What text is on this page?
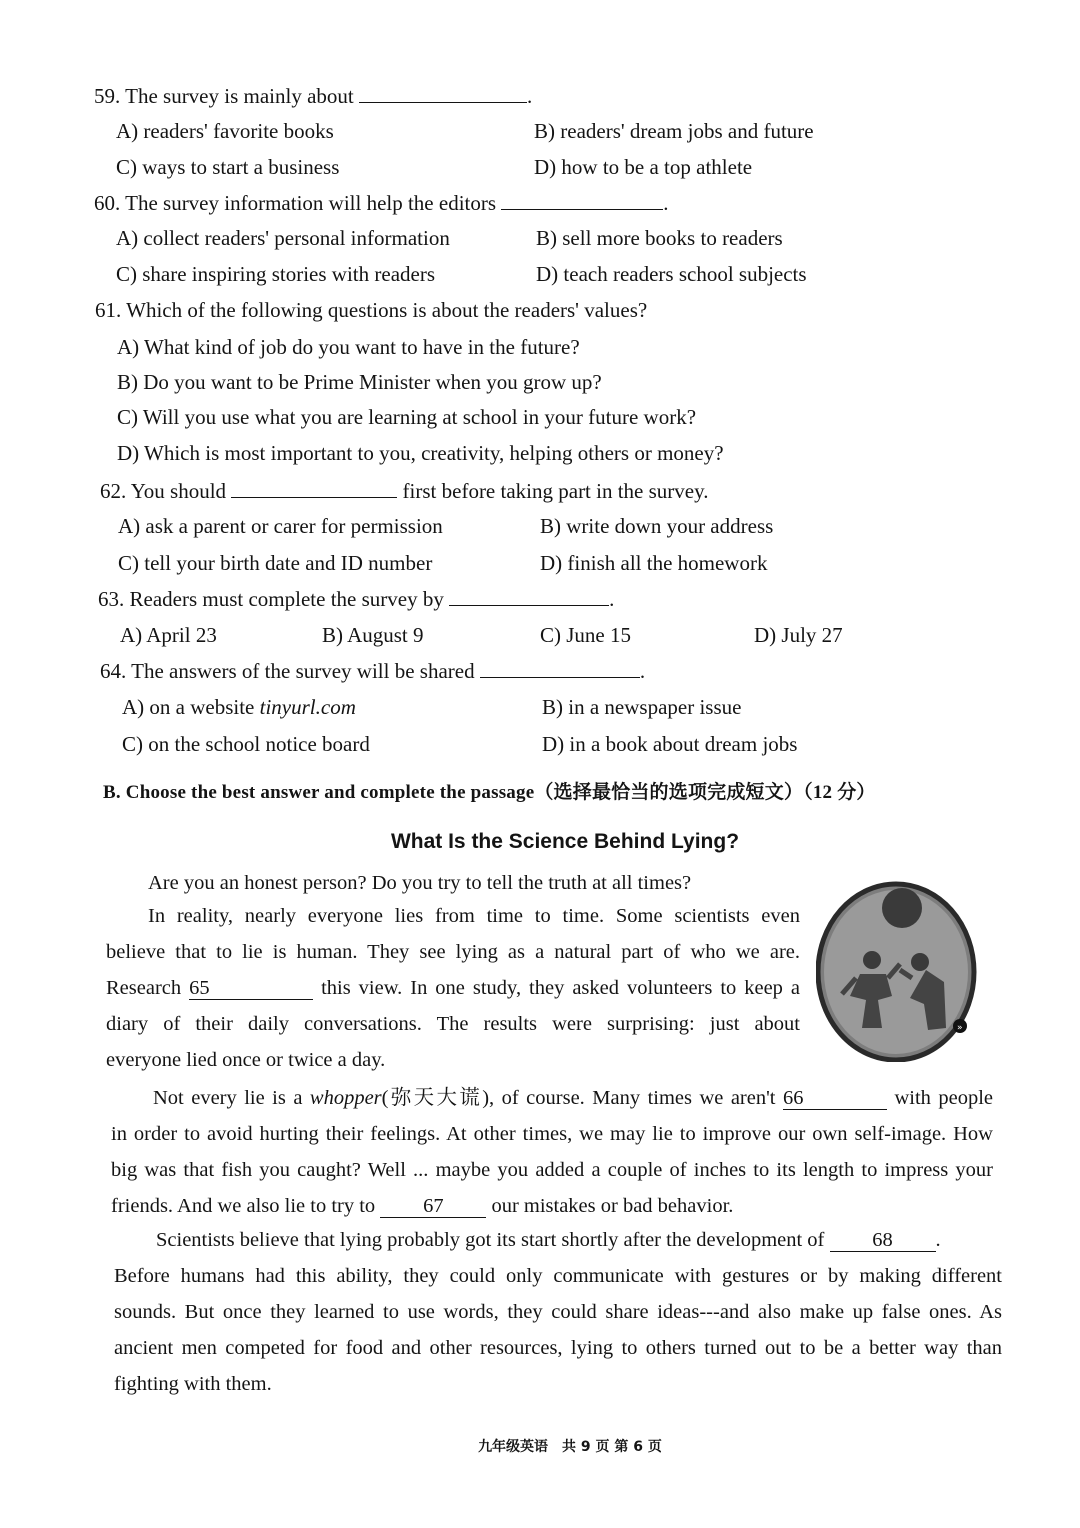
59. The survey is mainly about	.
A) readers' favorite books	B) readers' dream jobs and future
C) ways to start a business	D) how to be a top athlete
60. The survey information will help the editors	.
A) collect readers' personal information	B) sell more books to readers
C) share inspiring stories with readers	D) teach readers school subjects
61. Which of the following questions is about the readers' values?
A) What kind of job do you want to have in the future?
B) Do you want to be Prime Minister when you grow up?
C) Will you use what you are learning at school in your future work?
D) Which is most important to you, creativity, helping others or money?
62. You should	first before taking part in the survey.
A) ask a parent or carer for permission	B) write down your address
C) tell your birth date and ID number	D) finish all the homework
63. Readers must complete the survey by	.
A) April 23	B) August 9	C) June 15	D) July 27
64. The answers of the survey will be shared	.
A) on a website tinyurl.com	B) in a newspaper issue
C) on the school notice board	D) in a book about dream jobs
B. Choose the best answer and complete the passage（选择最恰当的选项完成短文）（12 分）
What Is the Science Behind Lying?
Are you an honest person? Do you try to tell the truth at all times?
In reality, nearly everyone lies from time to time. Some scientists even
believe that to lie is human. They see lying as a natural part of who we are.
Research 65	this view. In one study, they asked volunteers to keep a
diary of their daily conversations. The results were surprising: just about
everyone lied once or twice a day.
»
Not every lie is a whopper(弥天大谎), of course. Many times we aren't 66	with people
in order to avoid hurting their feelings. At other times, we may lie to improve our own self-image. How
big was that fish you caught? Well ... maybe you added a couple of inches to its length to impress your
friends. And we also lie to try to 67 our mistakes or bad behavior.
Scientists believe that lying probably got its start shortly after the development of 68 .
Before humans had this ability, they could only communicate with gestures or by making different
sounds. But once they learned to use words, they could share ideas---and also make up false ones. As
ancient men competed for food and other resources, lying to others turned out to be a better way than
fighting with them.
九年级英语　共 9 页 第 6 页
